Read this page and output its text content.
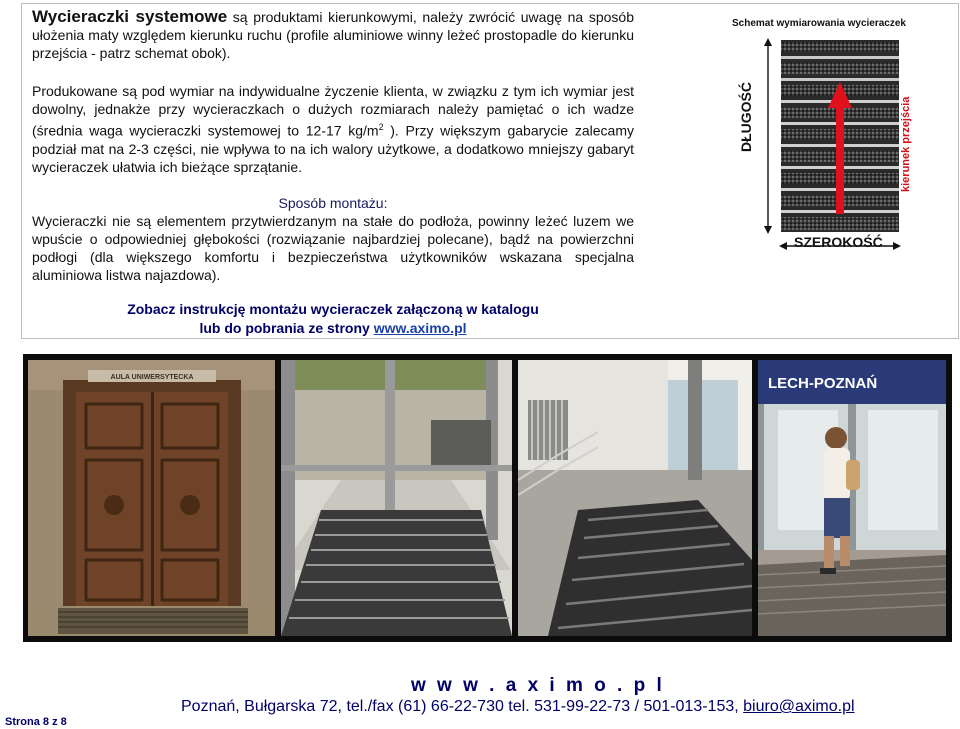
Wycieraczki systemowe są produktami kierunkowymi, należy zwrócić uwagę na sposób ułożenia maty względem kierunku ruchu (profile aluminiowe winny leżeć prostopadle do kierunku przejścia - patrz schemat obok).

Produkowane są pod wymiar na indywidualne życzenie klienta, w związku z tym ich wymiar jest dowolny, jednakże przy wycieraczkach o dużych rozmiarach należy pamiętać o ich wadze (średnia waga wycieraczki systemowej to 12-17 $kg/m^2$ ). Przy większym gabarycie zalecamy podział mat na 2-3 części, nie wpływa to na ich walory użytkowe, a dodatkowo mniejszy gabaryt wycieraczek ułatwia ich bieżące sprzątanie.

Sposób montażu:

Wycieraczki nie są elementem przytwierdzanym na stałe do podłoża, powinny leżeć luzem we wpuście o odpowiedniej głębokości (rozwiązanie najbardziej polecane), bądź na powierzchni podłogi (dla większego komfortu i bezpieczeństwa użytkowników wskazana specjalna aluminiowa listwa najazdowa).

Zobacz instrukcję montażu wycieraczek załączoną w katalogu
lub do pobrania ze strony www.aximo.pl

Schemat wymiarowania wycieraczek
DŁUGOŚĆ	kierunek przejścia
SZEROKOŚĆ
AULA UNIWERSYTECKA	LECH-POZNAŃ
w w w . a x i m o . p l
Poznań, Bułgarska 72, tel./fax (61) 66-22-730 tel. 531-99-22-73 / 501-013-153, biuro@aximo.pl
Strona 8 z 8
